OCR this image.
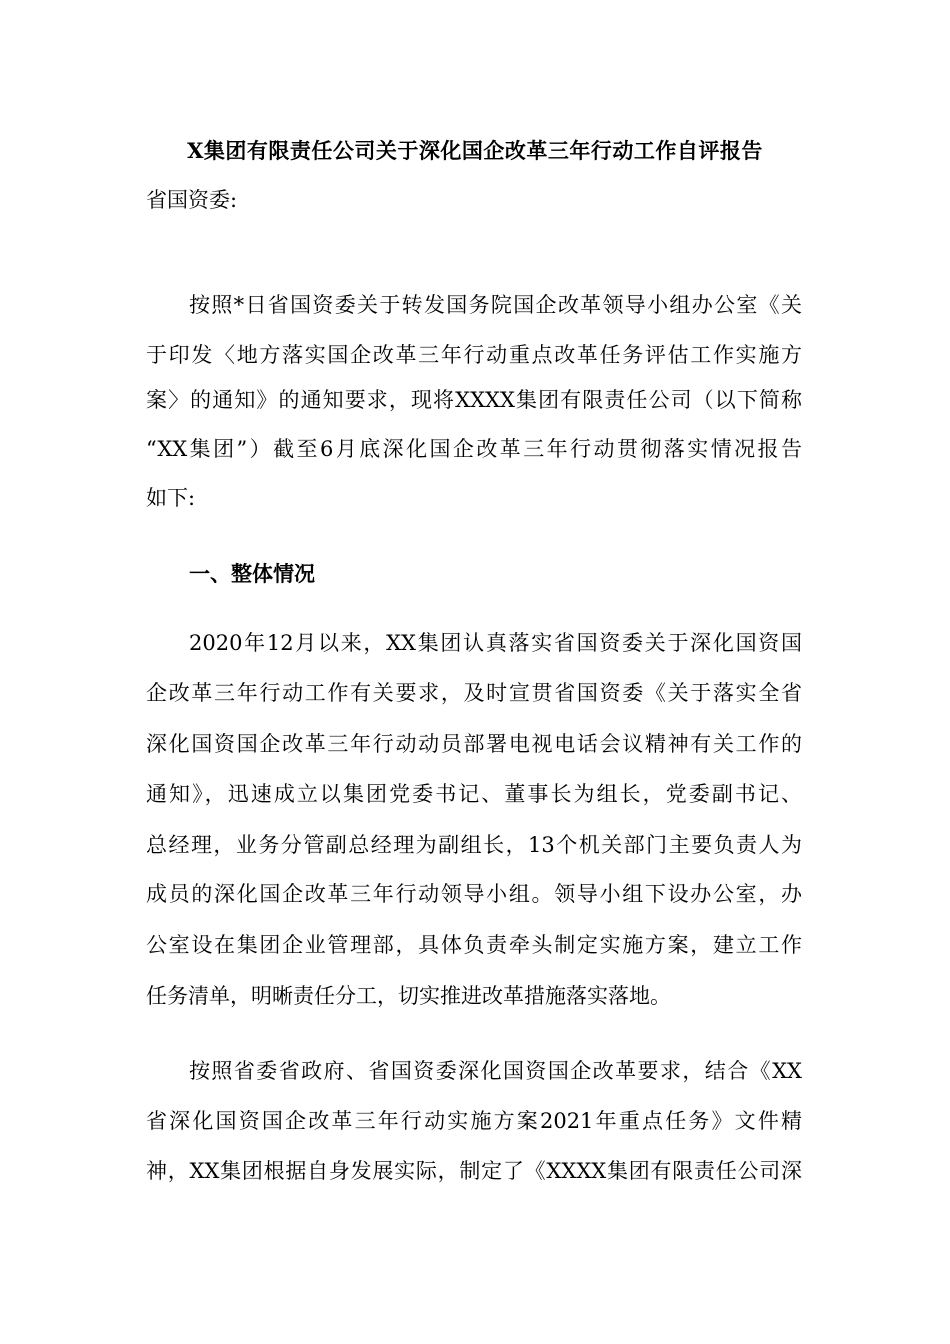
X集团有限责任公司关于深化国企改革三年行动工作自评报告
省国资委:
按照*日省国资委关于转发国务院国企改革领导小组办公室《关
于印发〈地方落实国企改革三年行动重点改革任务评估工作实施方
案〉的通知》的通知要求，现将XXXX集团有限责任公司（以下简称
“XX集团”）截至6月底深化国企改革三年行动贯彻落实情况报告
如下:
一、整体情况
2020年12月以来，XX集团认真落实省国资委关于深化国资国
企改革三年行动工作有关要求，及时宣贯省国资委《关于落实全省
深化国资国企改革三年行动动员部署电视电话会议精神有关工作的
通知》，迅速成立以集团党委书记、董事长为组长，党委副书记、
总经理，业务分管副总经理为副组长，13个机关部门主要负责人为
成员的深化国企改革三年行动领导小组。领导小组下设办公室，办
公室设在集团企业管理部，具体负责牵头制定实施方案，建立工作
任务清单，明晰责任分工，切实推进改革措施落实落地。
按照省委省政府、省国资委深化国资国企改革要求，结合《XX
省深化国资国企改革三年行动实施方案2021年重点任务》文件精
神，XX集团根据自身发展实际，制定了《XXXX集团有限责任公司深
